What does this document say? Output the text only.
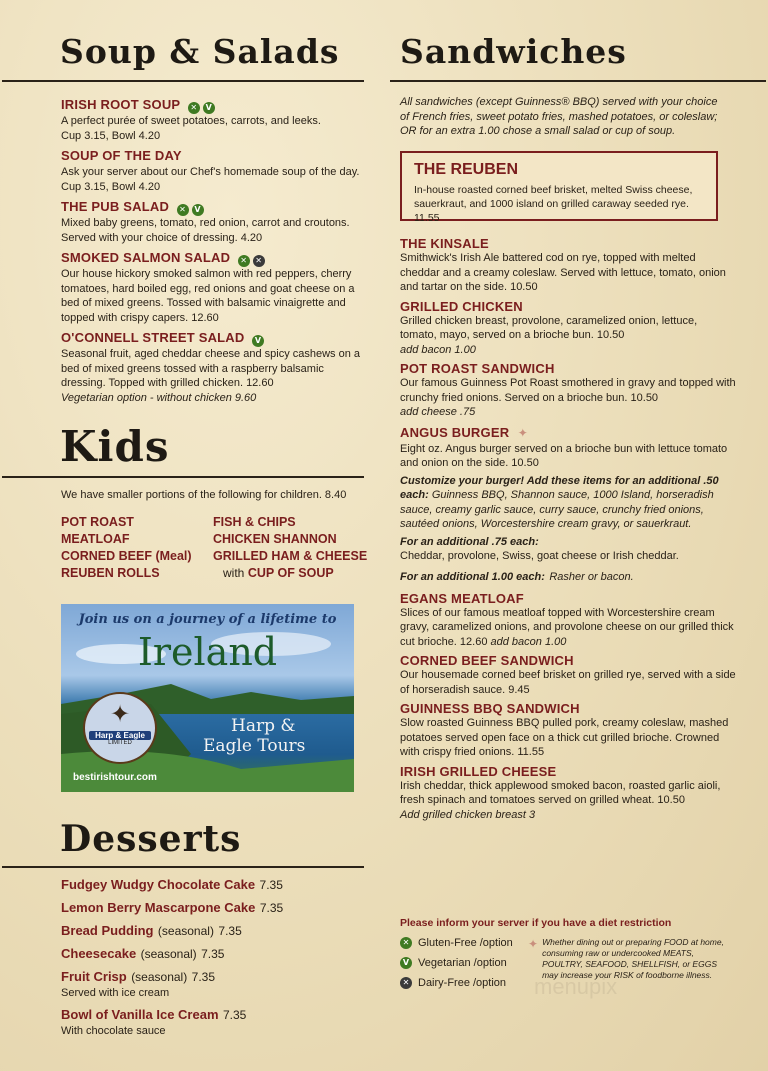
Soup & Salads
IRISH ROOT SOUP ✕ V
A perfect purée of sweet potatoes, carrots, and leeks.
Cup 3.15, Bowl 4.20
SOUP OF THE DAY
Ask your server about our Chef's homemade soup of the day.
Cup 3.15, Bowl 4.20
THE PUB SALAD ✕ V
Mixed baby greens, tomato, red onion, carrot and croutons.
Served with your choice of dressing. 4.20
SMOKED SALMON SALAD ✕ ✕
Our house hickory smoked salmon with red peppers, cherry tomatoes, hard boiled egg, red onions and goat cheese on a bed of mixed greens. Tossed with balsamic vinaigrette and topped with crispy capers. 12.60
O'CONNELL STREET SALAD V
Seasonal fruit, aged cheddar cheese and spicy cashews on a bed of mixed greens tossed with a raspberry balsamic dressing. Topped with grilled chicken. 12.60
Vegetarian option - without chicken 9.60
Kids
We have smaller portions of the following for children. 8.40
POT ROAST
MEATLOAF
CORNED BEEF (Meal)
REUBEN ROLLS
FISH & CHIPS
CHICKEN SHANNON
GRILLED HAM & CHEESE
with CUP OF SOUP
Join us on a journey of a lifetime to
Ireland
Harp &
Eagle Tours
✦
Harp & Eagle
LIMITED
bestirishtour.com
Desserts
Fudgey Wudgy Chocolate Cake 7.35
Lemon Berry Mascarpone Cake 7.35
Bread Pudding (seasonal) 7.35
Cheesecake (seasonal) 7.35
Fruit Crisp (seasonal) 7.35
Served with ice cream
Bowl of Vanilla Ice Cream 7.35
With chocolate sauce
Sandwiches
All sandwiches (except Guinness® BBQ) served with your choice of French fries, sweet potato fries, mashed potatoes, or coleslaw; OR for an extra 1.00 chose a small salad or cup of soup.
THE REUBEN
In-house roasted corned beef brisket, melted Swiss cheese, sauerkraut, and 1000 island on grilled caraway seeded rye. 11.55
THE KINSALE
Smithwick's Irish Ale battered cod on rye, topped with melted cheddar and a creamy coleslaw. Served with lettuce, tomato, onion and tartar on the side. 10.50
GRILLED CHICKEN
Grilled chicken breast, provolone, caramelized onion, lettuce, tomato, mayo, served on a brioche bun. 10.50
add bacon 1.00
POT ROAST SANDWICH
Our famous Guinness Pot Roast smothered in gravy and topped with crunchy fried onions. Served on a brioche bun. 10.50
add cheese .75
ANGUS BURGER ✦
Eight oz. Angus burger served on a brioche bun with lettuce tomato and onion on the side. 10.50
Customize your burger! Add these items for an additional .50 each: Guinness BBQ, Shannon sauce, 1000 Island, horseradish sauce, creamy garlic sauce, curry sauce, crunchy fried onions, sautéed onions, Worcestershire cream gravy, or sauerkraut.
For an additional .75 each:
Cheddar, provolone, Swiss, goat cheese or Irish cheddar.
For an additional 1.00 each: Rasher or bacon.
EGANS MEATLOAF
Slices of our famous meatloaf topped with Worcestershire cream gravy, caramelized onions, and provolone cheese on our grilled thick cut brioche. 12.60 add bacon 1.00
CORNED BEEF SANDWICH
Our housemade corned beef brisket on grilled rye, served with a side of horseradish sauce. 9.45
GUINNESS BBQ SANDWICH
Slow roasted Guinness BBQ pulled pork, creamy coleslaw, mashed potatoes served open face on a thick cut grilled brioche. Crowned with crispy fried onions. 11.55
IRISH GRILLED CHEESE
Irish cheddar, thick applewood smoked bacon, roasted garlic aioli, fresh spinach and tomatoes served on grilled wheat. 10.50
Add grilled chicken breast 3
Please inform your server if you have a diet restriction
✕ Gluten-Free /option
V Vegetarian /option
✕ Dairy-Free /option
✦ Whether dining out or preparing FOOD at home, consuming raw or undercooked MEATS, POULTRY, SEAFOOD, SHELLFISH, or EGGS may increase your RISK of foodborne illness.
menupix
